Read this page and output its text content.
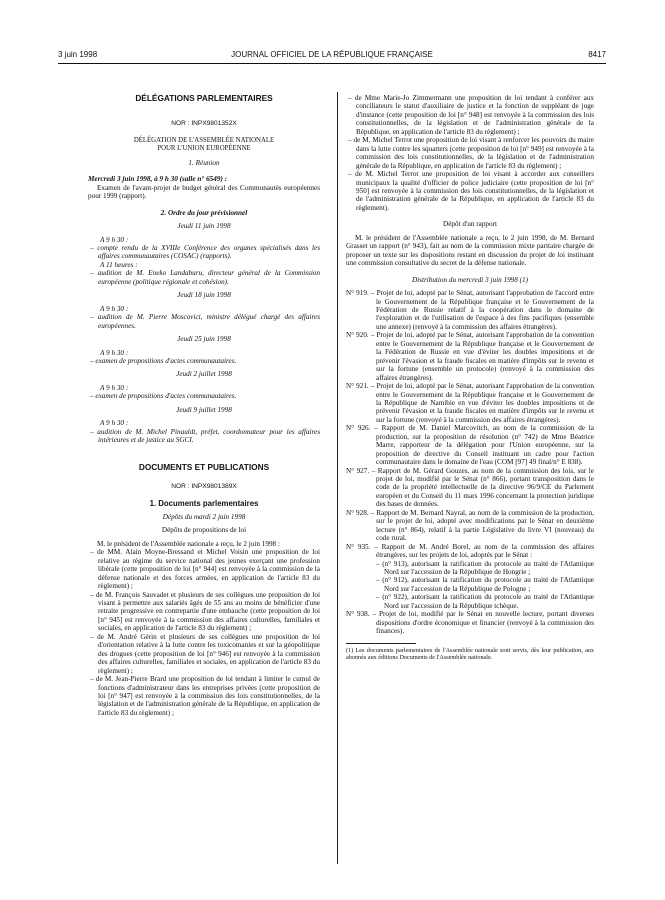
3 juin 1998	JOURNAL OFFICIEL DE LA RÉPUBLIQUE FRANÇAISE	8417

DÉLÉGATIONS PARLEMENTAIRES

NOR : INPX9801352X

DÉLÉGATION DE L'ASSEMBLÉE NATIONALE

POUR L'UNION EUROPÉENNE

1. Réunion

Mercredi 3 juin 1998, à 9 h 30 (salle n° 6549) :

Examen de l'avant-projet de budget général des Communautés européennes pour 1999 (rapport).

2. Ordre du jour prévisionnel

Jeudi 11 juin 1998

A 9 h 30 :

– compte rendu de la XVIIIe Conférence des organes spécialisés dans les affaires communautaires (COSAC) (rapports).

A 11 heures :

– audition de M. Eneko Landaburu, directeur général de la Commission européenne (politique régionale et cohésion).

Jeudi 18 juin 1998

A 9 h 30 :

– audition de M. Pierre Moscovici, ministre délégué chargé des affaires européennes.

Jeudi 25 juin 1998

A 9 h 30 :

– examen de propositions d'actes communautaires.

Jeudi 2 juillet 1998

A 9 h 30 :

– examen de propositions d'actes communautaires.

Jeudi 9 juillet 1998

A 9 h 30 :

– audition de M. Michel Pinauldt, préfet, coordonnateur pour les affaires intérieures et de justice au SGCI.

DOCUMENTS ET PUBLICATIONS

NOR : INPX9801389X

1. Documents parlementaires

Dépôts du mardi 2 juin 1998

Dépôts de propositions de loi

M. le président de l'Assemblée nationale a reçu, le 2 juin 1998 :

– de MM. Alain Moyne-Bressand et Michel Voisin une proposition de loi relative au régime du service national des jeunes exerçant une profession libérale (cette proposition de loi [n° 944] est renvoyée à la commission de la défense nationale et des forces armées, en application de l'article 83 du règlement) ;

– de M. François Sauvadet et plusieurs de ses collègues une proposition de loi visant à permettre aux salariés âgés de 55 ans au moins de bénéficier d'une retraite progressive en contrepartie d'une embauche (cette proposition de loi [n° 945] est renvoyée à la commission des affaires culturelles, familiales et sociales, en application de l'article 83 du règlement) ;

– de M. André Gérin et plusieurs de ses collègues une proposition de loi d'orientation relative à la lutte contre les toxicomanies et sur la géopolitique des drogues (cette proposition de loi [n° 946] est renvoyée à la commission des affaires culturelles, familiales et sociales, en application de l'article 83 du règlement) ;

– de M. Jean-Pierre Brard une proposition de loi tendant à limiter le cumul de fonctions d'administrateur dans les entreprises privées (cette proposition de loi [n° 947] est renvoyée à la commission des lois constitutionnelles, de la législation et de l'administration générale de la République, en application de l'article 83 du règlement) ;

– de Mme Marie-Jo Zimmermann une proposition de loi tendant à conférer aux conciliateurs le statut d'auxiliaire de justice et la fonction de suppléant de juge d'instance (cette proposition de loi [n° 948] est renvoyée à la commission des lois constitutionnelles, de la législation et de l'administration générale de la République, en application de l'article 83 du règlement) ;

– de M. Michel Terrot une proposition de loi visant à renforcer les pouvoirs du maire dans la lutte contre les squatters (cette proposition de loi [n° 949] est renvoyée à la commission des lois constitutionnelles, de la législation et de l'administration générale de la République, en application de l'article 83 du règlement) ;

– de M. Michel Terrot une proposition de loi visant à accorder aux conseillers municipaux la qualité d'officier de police judiciaire (cette proposition de loi [n° 950] est renvoyée à la commission des lois constitutionnelles, de la législation et de l'administration générale de la République, en application de l'article 83 du règlement).

Dépôt d'un rapport

M. le président de l'Assemblée nationale a reçu, le 2 juin 1998, de M. Bernard Grasset un rapport (n° 943), fait au nom de la commission mixte paritaire chargée de proposer un texte sur les dispositions restant en discussion du projet de loi instituant une commission consultative du secret de la défense nationale.

Distribution du mercredi 3 juin 1998 (1)

N° 919. – Projet de loi, adopté par le Sénat, autorisant l'approbation de l'accord entre le Gouvernement de la République française et le Gouvernement de la Fédération de Russie relatif à la coopération dans le domaine de l'exploration et de l'utilisation de l'espace à des fins pacifiques (ensemble une annexe) (renvoyé à la commission des affaires étrangères).

N° 920. – Projet de loi, adopté par le Sénat, autorisant l'approbation de la convention entre le Gouvernement de la République française et le Gouvernement de la Fédération de Russie en vue d'éviter les doubles impositions et de prévenir l'évasion et la fraude fiscales en matière d'impôts sur le revenu et sur la fortune (ensemble un protocole) (renvoyé à la commission des affaires étrangères).

N° 921. – Projet de loi, adopté par le Sénat, autorisant l'approbation de la convention entre le Gouvernement de la République française et le Gouvernement de la République de Namibie en vue d'éviter les doubles impositions et de prévenir l'évasion et la fraude fiscales en matière d'impôts sur le revenu et sur la fortune (renvoyé à la commission des affaires étrangères).

N° 926. – Rapport de M. Daniel Marcovitch, au nom de la commission de la production, sur la proposition de résolution (n° 742) de Mme Béatrice Marre, rapporteur de la délégation pour l'Union européenne, sur la proposition de directive du Conseil instituant un cadre pour l'action communautaire dans le domaine de l'eau (COM [97] 49 final/n° E 838).

N° 927. – Rapport de M. Gérard Gouzes, au nom de la commission des lois, sur le projet de loi, modifié par le Sénat (n° 866), portant transposition dans le code de la propriété intellectuelle de la directive 96/9/CE du Parlement européen et du Conseil du 11 mars 1996 concernant la protection juridique des bases de données.

N° 928. – Rapport de M. Bernard Nayral, au nom de la commission de la production, sur le projet de loi, adopté avec modifications par le Sénat en deuxième lecture (n° 864), relatif à la partie Législative du livre VI (nouveau) du code rural.

N° 935. – Rapport de M. André Borel, au nom de la commission des affaires étrangères, sur les projets de loi, adoptés par le Sénat :

– (n° 913), autorisant la ratification du protocole au traité de l'Atlantique Nord sur l'accession de la République de Hongrie ;

– (n° 912), autorisant la ratification du protocole au traité de l'Atlantique Nord sur l'accession de la République de Pologne ;

– (n° 922), autorisant la ratification du protocole au traité de l'Atlantique Nord sur l'accession de la République tchèque.

N° 938. – Projet de loi, modifié par le Sénat en nouvelle lecture, portant diverses dispositions d'ordre économique et financier (renvoyé à la commission des finances).

(1) Les documents parlementaires de l'Assemblée nationale sont servis, dès leur publication, aux abonnés aux éditions Documents de l'Assemblée nationale.
